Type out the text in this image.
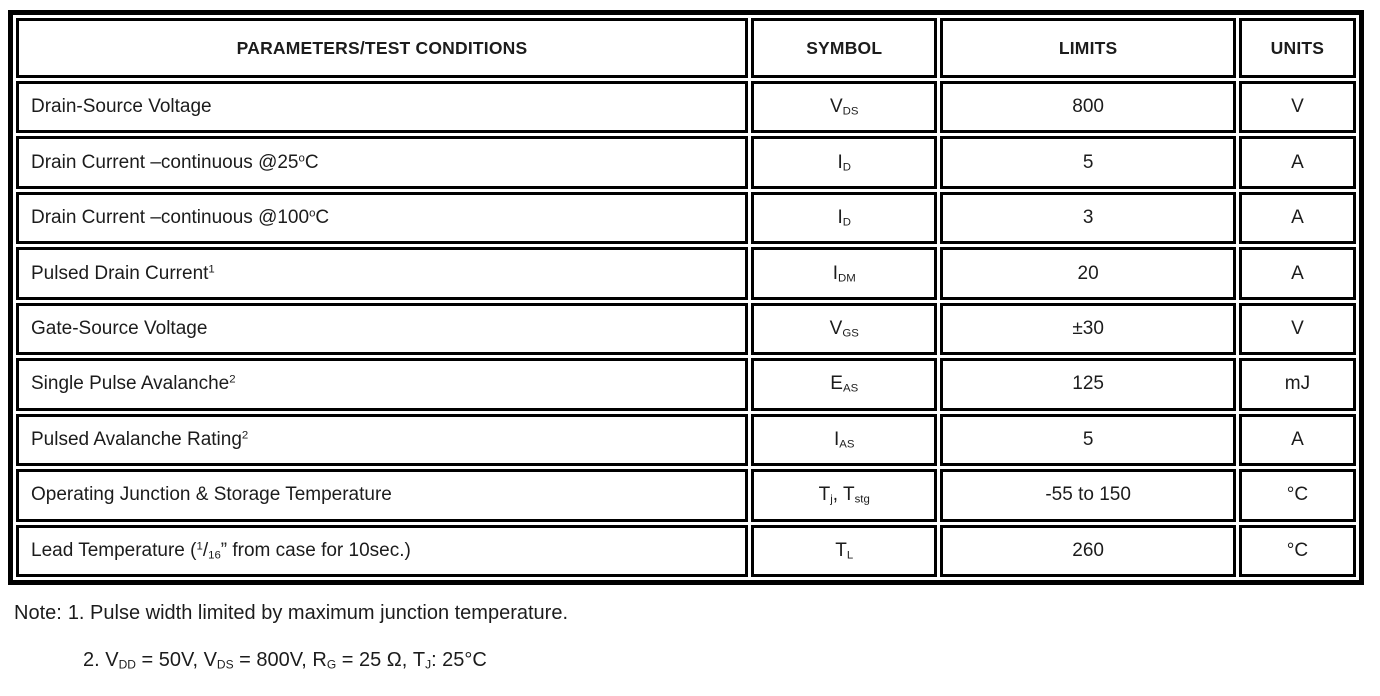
PARAMETERS/TEST CONDITIONS	SYMBOL	LIMITS	UNITS
Drain-Source Voltage	VDS	800	V
Drain Current –continuous @25$^o$C	ID	5	A
Drain Current –continuous @100$^o$C	ID	3	A
Pulsed Drain Current$^1$	IDM	20	A
Gate-Source Voltage	VGS	±30	V
Single Pulse Avalanche$^2$	EAS	125	mJ
Pulsed Avalanche Rating$^2$	IAS	5	A
Operating Junction & Storage Temperature	Tj, Tstg	-55 to 150	°C
Lead Temperature ($^1$/16” from case for 10sec.)	TL	260	°C
Note: 1. Pulse width limited by maximum junction temperature.
2. VDD = 50V, VDS = 800V, RG = 25 Ω, TJ: 25°C
